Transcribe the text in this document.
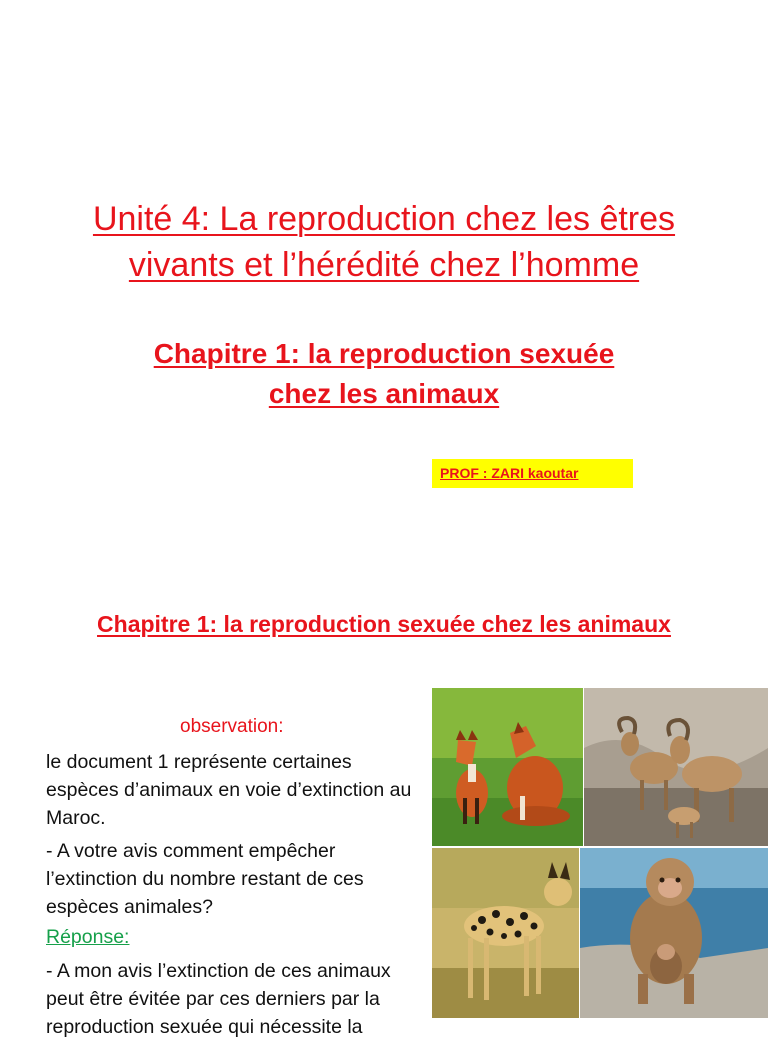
Unité 4: La reproduction chez les êtres
vivants et l’hérédité chez l’homme
Chapitre 1: la reproduction sexuée
chez les animaux
PROF : ZARI kaoutar
Chapitre 1: la reproduction sexuée chez les animaux
observation:
le document 1 représente certaines espèces d’animaux en voie d’extinction au Maroc.
- A votre avis comment empêcher l’extinction du nombre restant de ces espèces animales?
Réponse:
- A mon avis l’extinction de ces animaux peut être évitée par ces derniers par la reproduction sexuée qui nécessite la
